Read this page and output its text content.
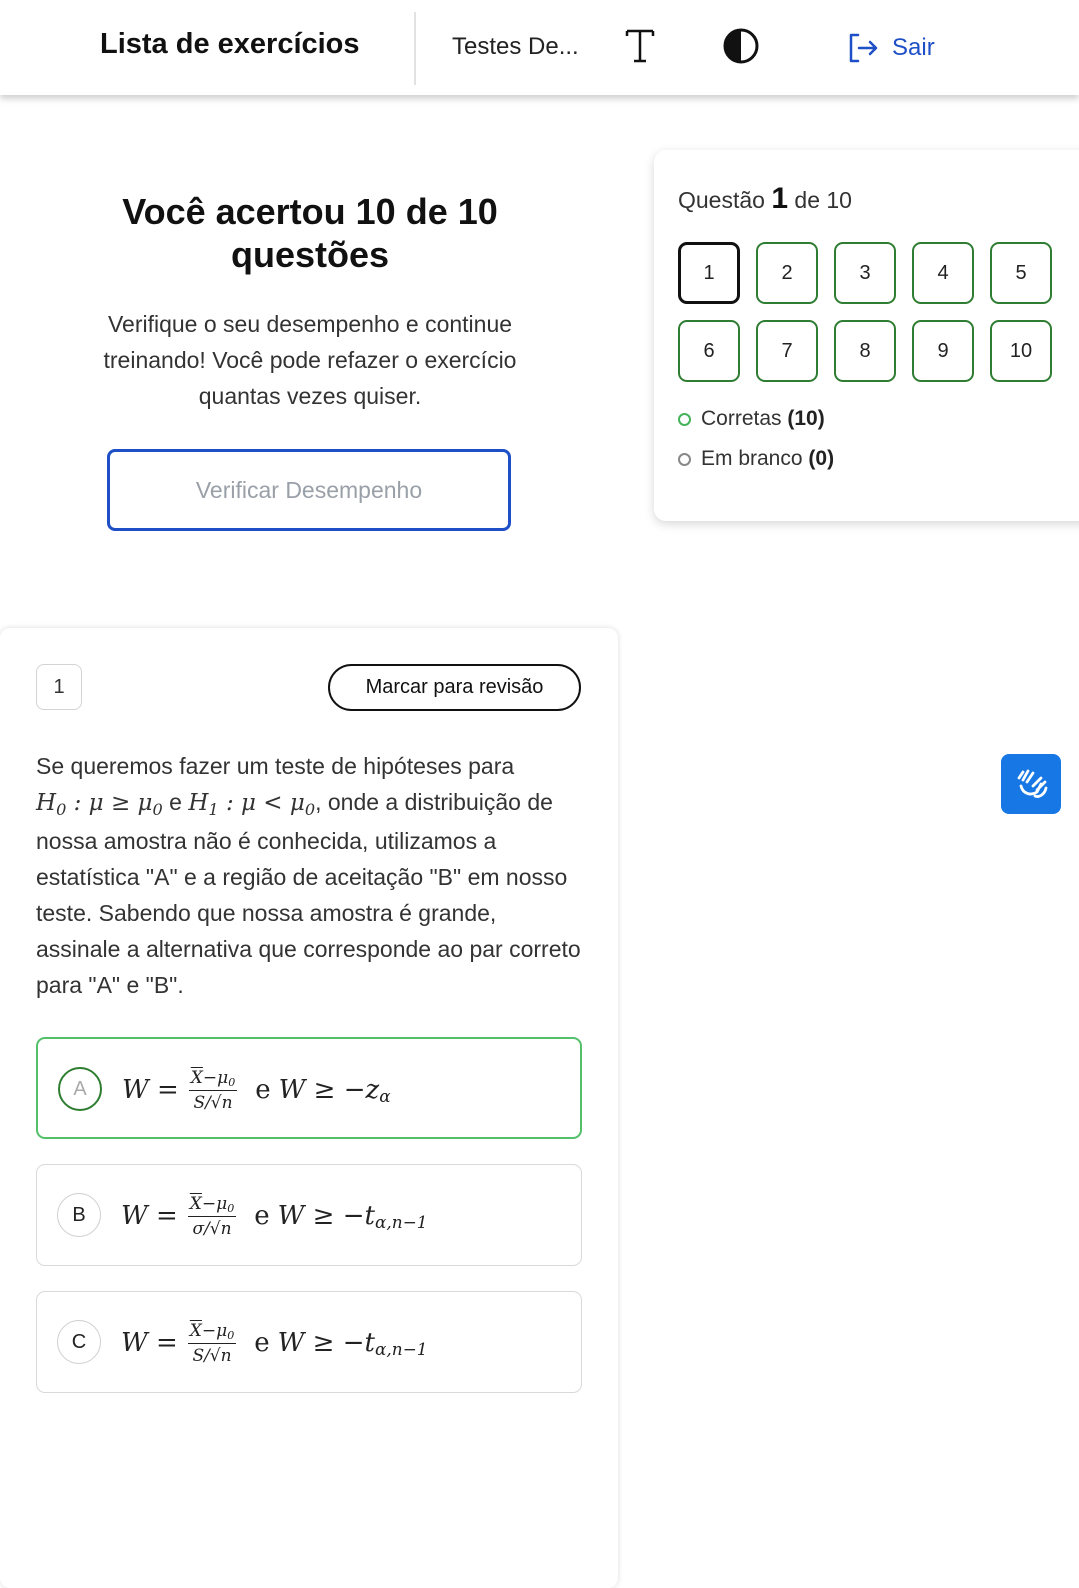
Lista de exercícios	Testes De...	Sair
Você acertou 10 de 10 questões
Verifique o seu desempenho e continue treinando! Você pode refazer o exercício quantas vezes quiser.
Verificar Desempenho
Questão 1 de 10
1	2	3	4	5
6	7	8	9	10
Corretas (10)
Em branco (0)
1	Marcar para revisão
Se queremos fazer um teste de hipóteses para
$H_0$ : $\mu \ge \mu_0$ e $H_1$ : $\mu < \mu_0$, onde a distribuição de nossa amostra não é conhecida, utilizamos a estatística "A" e a região de aceitação "B" em nosso teste. Sabendo que nossa amostra é grande, assinale a alternativa que corresponde ao par correto para "A" e "B".
A	$W = \frac{\overline{X}-\mu_0}{S/√n}$ e W ≥ − z α
B	$W = \frac{\overline{X}-\mu_0}{\sigma/√n}$ e W ≥ − t α,n−1
C	$W = \frac{\overline{X}-\mu_0}{S/√n}$ e W ≥ − t α,n−1
